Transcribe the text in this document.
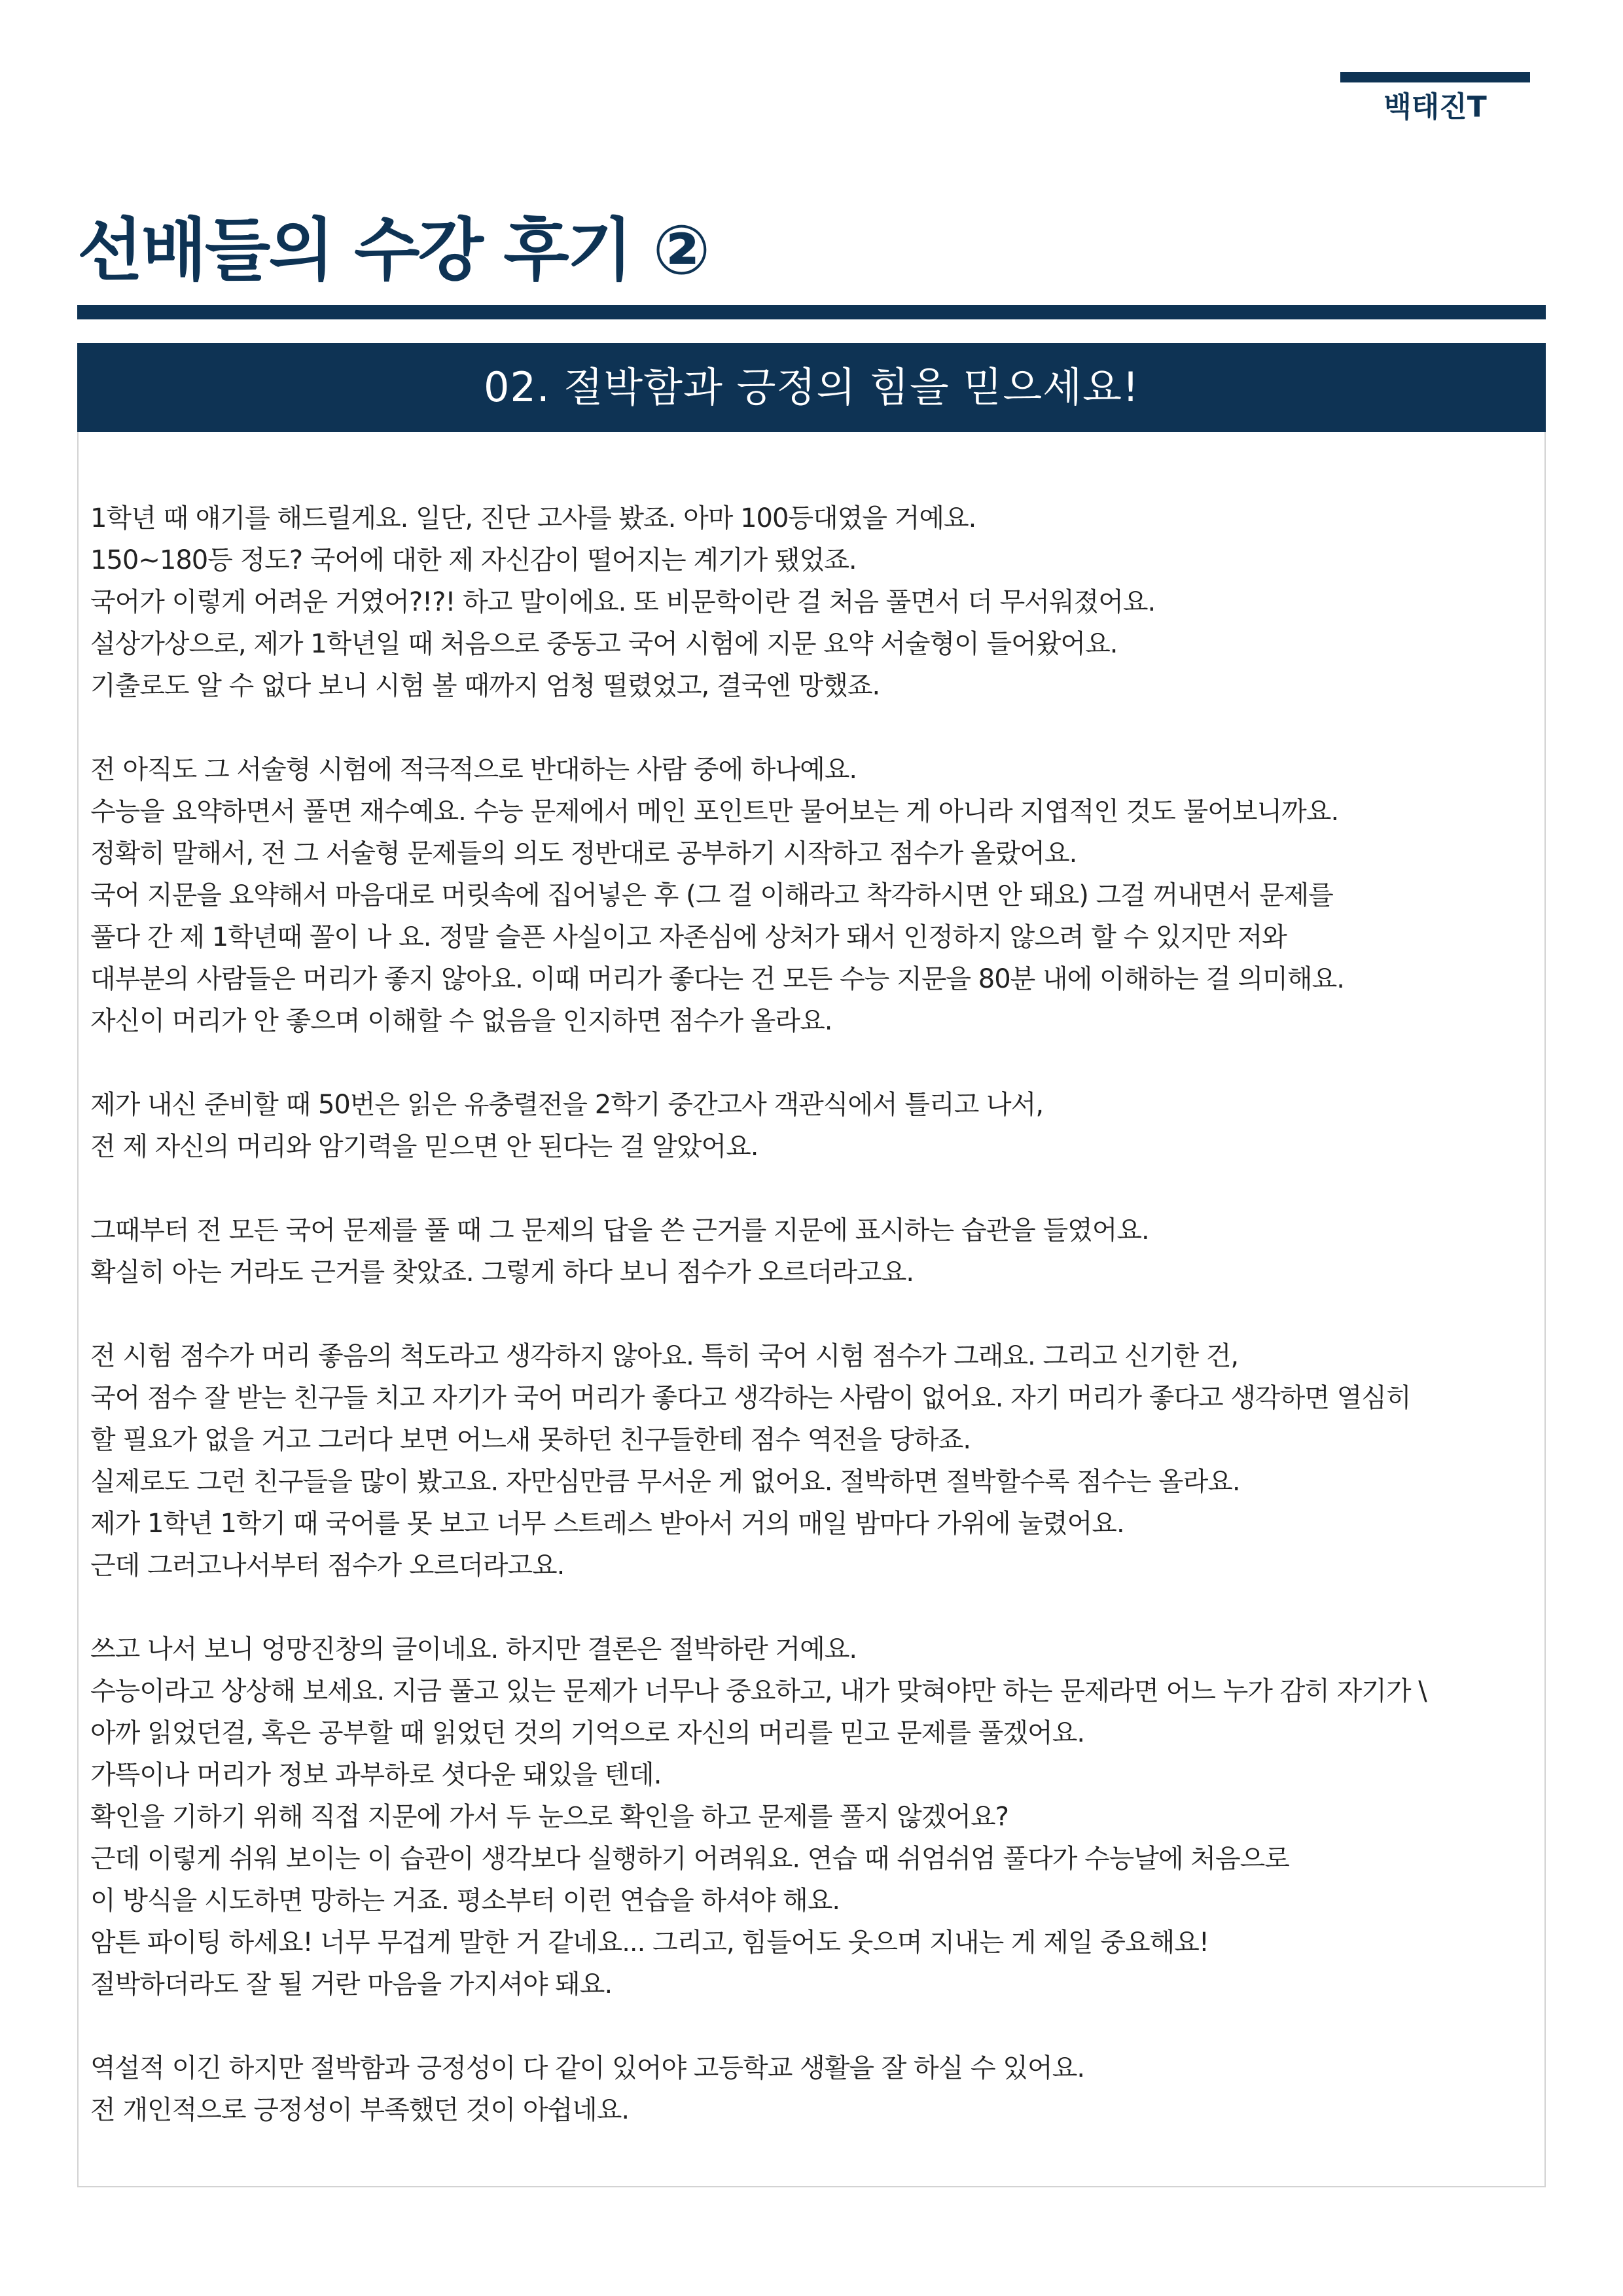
백태진T
선배들의 수강 후기 ②
02. 절박함과 긍정의 힘을 믿으세요!
1학년 때 얘기를 해드릴게요. 일단, 진단 고사를 봤죠. 아마 100등대였을 거예요.
150~180등 정도? 국어에 대한 제 자신감이 떨어지는 계기가 됐었죠.
국어가 이렇게 어려운 거였어?!?! 하고 말이에요. 또 비문학이란 걸 처음 풀면서 더 무서워졌어요.
설상가상으로, 제가 1학년일 때 처음으로 중동고 국어 시험에 지문 요약 서술형이 들어왔어요.
기출로도 알 수 없다 보니 시험 볼 때까지 엄청 떨렸었고, 결국엔 망했죠.
전 아직도 그 서술형 시험에 적극적으로 반대하는 사람 중에 하나예요.
수능을 요약하면서 풀면 재수예요. 수능 문제에서 메인 포인트만 물어보는 게 아니라 지엽적인 것도 물어보니까요.
정확히 말해서, 전 그 서술형 문제들의 의도 정반대로 공부하기 시작하고 점수가 올랐어요.
국어 지문을 요약해서 마음대로 머릿속에 집어넣은 후 (그 걸 이해라고 착각하시면 안 돼요) 그걸 꺼내면서 문제를
풀다 간 제 1학년때 꼴이 나 요. 정말 슬픈 사실이고 자존심에 상처가 돼서 인정하지 않으려 할 수 있지만 저와
대부분의 사람들은 머리가 좋지 않아요. 이때 머리가 좋다는 건 모든 수능 지문을 80분 내에 이해하는 걸 의미해요.
자신이 머리가 안 좋으며 이해할 수 없음을 인지하면 점수가 올라요.
제가 내신 준비할 때 50번은 읽은 유충렬전을 2학기 중간고사 객관식에서 틀리고 나서,
전 제 자신의 머리와 암기력을 믿으면 안 된다는 걸 알았어요.
그때부터 전 모든 국어 문제를 풀 때 그 문제의 답을 쓴 근거를 지문에 표시하는 습관을 들였어요.
확실히 아는 거라도 근거를 찾았죠. 그렇게 하다 보니 점수가 오르더라고요.
전 시험 점수가 머리 좋음의 척도라고 생각하지 않아요. 특히 국어 시험 점수가 그래요. 그리고 신기한 건,
국어 점수 잘 받는 친구들 치고 자기가 국어 머리가 좋다고 생각하는 사람이 없어요. 자기 머리가 좋다고 생각하면 열심히
할 필요가 없을 거고 그러다 보면 어느새 못하던 친구들한테 점수 역전을 당하죠.
실제로도 그런 친구들을 많이 봤고요. 자만심만큼 무서운 게 없어요. 절박하면 절박할수록 점수는 올라요.
제가 1학년 1학기 때 국어를 못 보고 너무 스트레스 받아서 거의 매일 밤마다 가위에 눌렸어요.
근데 그러고나서부터 점수가 오르더라고요.
쓰고 나서 보니 엉망진창의 글이네요. 하지만 결론은 절박하란 거예요.
수능이라고 상상해 보세요. 지금 풀고 있는 문제가 너무나 중요하고, 내가 맞혀야만 하는 문제라면 어느 누가 감히 자기가 \
아까 읽었던걸, 혹은 공부할 때 읽었던 것의 기억으로 자신의 머리를 믿고 문제를 풀겠어요.
가뜩이나 머리가 정보 과부하로 셧다운 돼있을 텐데.
확인을 기하기 위해 직접 지문에 가서 두 눈으로 확인을 하고 문제를 풀지 않겠어요?
근데 이렇게 쉬워 보이는 이 습관이 생각보다 실행하기 어려워요. 연습 때 쉬엄쉬엄 풀다가 수능날에 처음으로
이 방식을 시도하면 망하는 거죠. 평소부터 이런 연습을 하셔야 해요.
암튼 파이팅 하세요! 너무 무겁게 말한 거 같네요... 그리고, 힘들어도 웃으며 지내는 게 제일 중요해요!
절박하더라도 잘 될 거란 마음을 가지셔야 돼요.
역설적 이긴 하지만 절박함과 긍정성이 다 같이 있어야 고등학교 생활을 잘 하실 수 있어요.
전 개인적으로 긍정성이 부족했던 것이 아쉽네요.
